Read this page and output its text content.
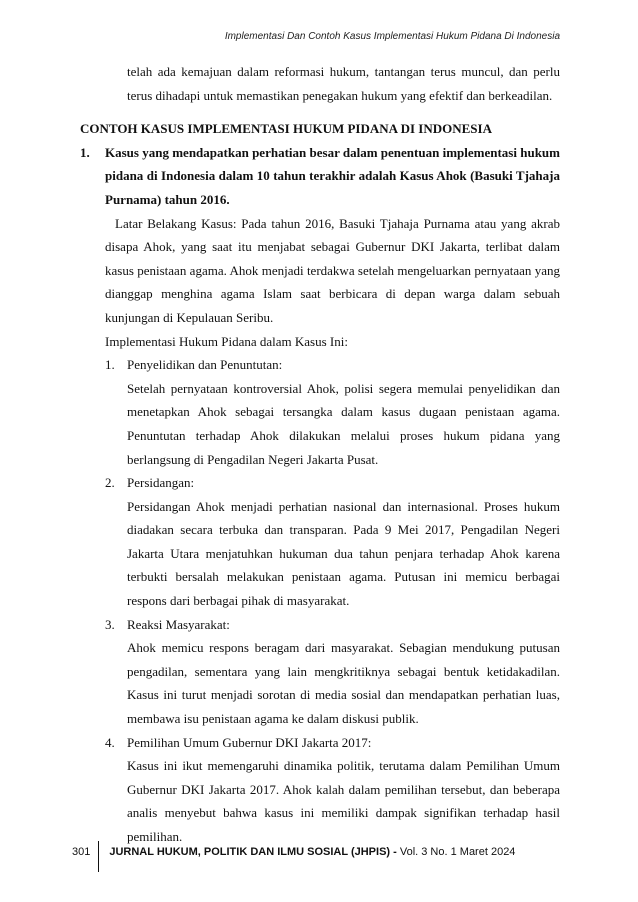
Implementasi Dan Contoh Kasus Implementasi Hukum Pidana Di Indonesia

telah ada kemajuan dalam reformasi hukum, tantangan terus muncul, dan perlu terus dihadapi untuk memastikan penegakan hukum yang efektif dan berkeadilan.

CONTOH KASUS IMPLEMENTASI HUKUM PIDANA DI INDONESIA

1.	Kasus yang mendapatkan perhatian besar dalam penentuan implementasi hukum pidana di Indonesia dalam 10 tahun terakhir adalah Kasus Ahok (Basuki Tjahaja Purnama) tahun 2016.

Latar Belakang Kasus: Pada tahun 2016, Basuki Tjahaja Purnama atau yang akrab disapa Ahok, yang saat itu menjabat sebagai Gubernur DKI Jakarta, terlibat dalam kasus penistaan agama. Ahok menjadi terdakwa setelah mengeluarkan pernyataan yang dianggap menghina agama Islam saat berbicara di depan warga dalam sebuah kunjungan di Kepulauan Seribu.

Implementasi Hukum Pidana dalam Kasus Ini:

1. Penyelidikan dan Penuntutan:

Setelah pernyataan kontroversial Ahok, polisi segera memulai penyelidikan dan menetapkan Ahok sebagai tersangka dalam kasus dugaan penistaan agama. Penuntutan terhadap Ahok dilakukan melalui proses hukum pidana yang berlangsung di Pengadilan Negeri Jakarta Pusat.

2. Persidangan:

Persidangan Ahok menjadi perhatian nasional dan internasional. Proses hukum diadakan secara terbuka dan transparan. Pada 9 Mei 2017, Pengadilan Negeri Jakarta Utara menjatuhkan hukuman dua tahun penjara terhadap Ahok karena terbukti bersalah melakukan penistaan agama. Putusan ini memicu berbagai respons dari berbagai pihak di masyarakat.

3. Reaksi Masyarakat:

Ahok memicu respons beragam dari masyarakat. Sebagian mendukung putusan pengadilan, sementara yang lain mengkritiknya sebagai bentuk ketidakadilan. Kasus ini turut menjadi sorotan di media sosial dan mendapatkan perhatian luas, membawa isu penistaan agama ke dalam diskusi publik.

4. Pemilihan Umum Gubernur DKI Jakarta 2017:

Kasus ini ikut memengaruhi dinamika politik, terutama dalam Pemilihan Umum Gubernur DKI Jakarta 2017. Ahok kalah dalam pemilihan tersebut, dan beberapa analis menyebut bahwa kasus ini memiliki dampak signifikan terhadap hasil pemilihan.

301	JURNAL HUKUM, POLITIK DAN ILMU SOSIAL (JHPIS) - Vol. 3 No. 1 Maret 2024
